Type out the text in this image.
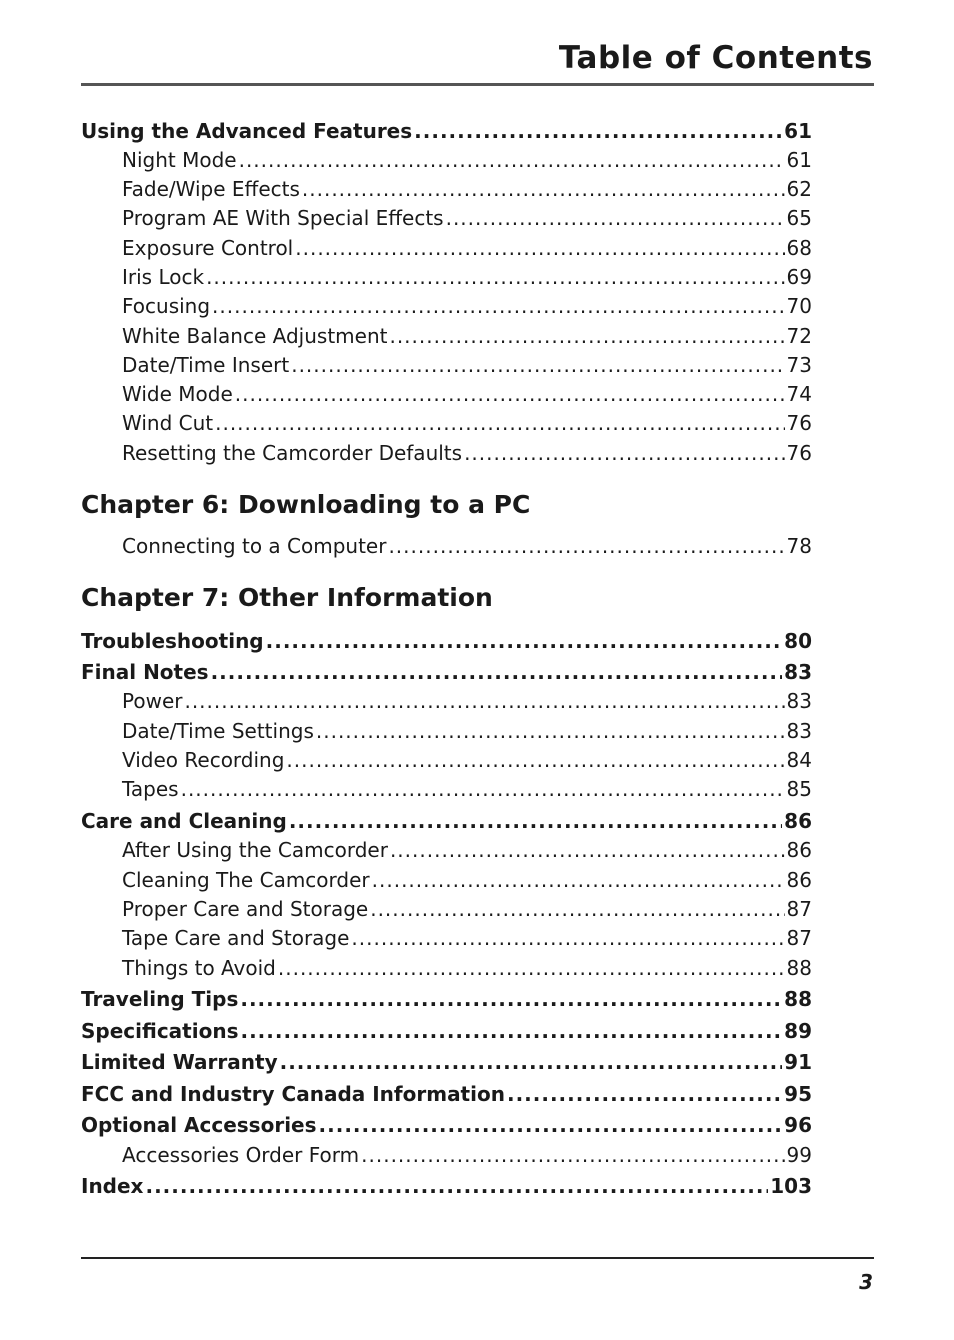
Table of Contents
Using the Advanced Features .....	61
Night Mode .....	61
Fade/Wipe Effects .....	62
Program AE With Special Effects .....	65
Exposure Control .....	68
Iris Lock .....	69
Focusing .....	70
White Balance Adjustment .....	72
Date/Time Insert .....	73
Wide Mode .....	74
Wind Cut .....	76
Resetting the Camcorder Defaults .....	76
Chapter 6: Downloading to a PC
Connecting to a Computer .....	78
Chapter 7: Other Information
Troubleshooting .....	80
Final Notes .....	83
Power .....	83
Date/Time Settings .....	83
Video Recording .....	84
Tapes .....	85
Care and Cleaning .....	86
After Using the Camcorder .....	86
Cleaning The Camcorder .....	86
Proper Care and Storage .....	87
Tape Care and Storage .....	87
Things to Avoid .....	88
Traveling Tips .....	88
Specifications .....	89
Limited Warranty .....	91
FCC and Industry Canada Information .....	95
Optional Accessories .....	96
Accessories Order Form .....	99
Index .....	103
3
